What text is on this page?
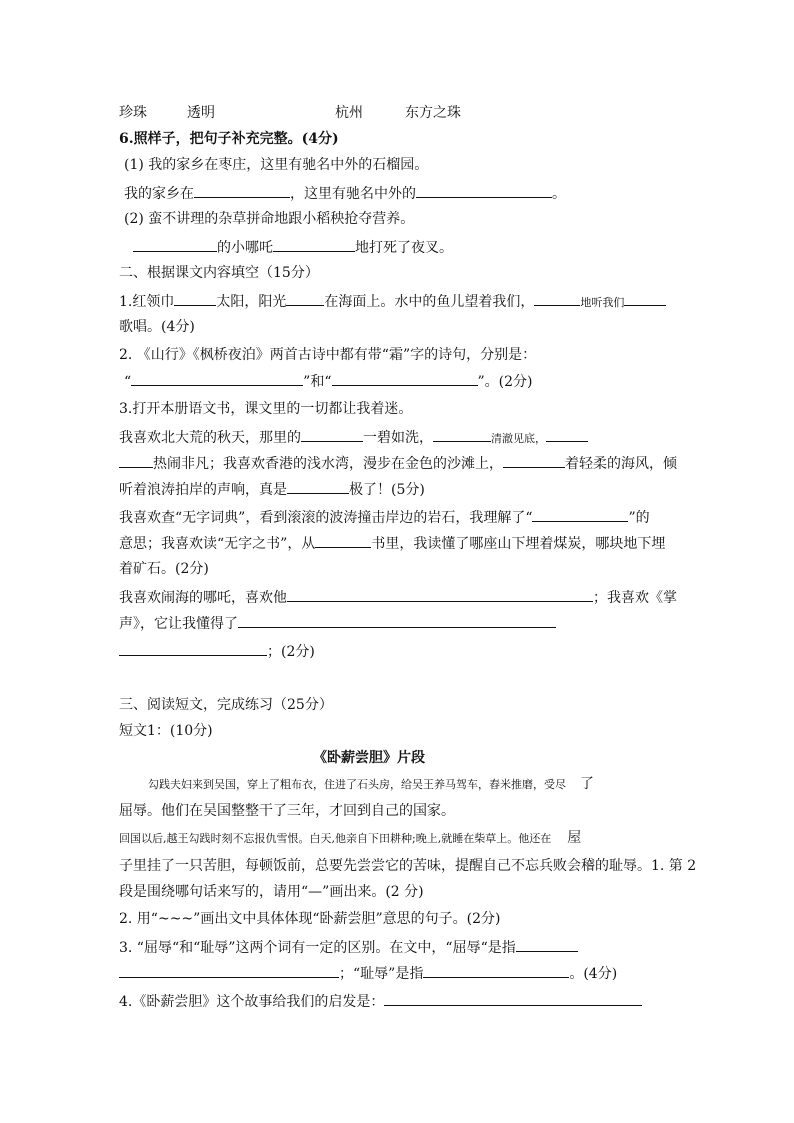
珍珠	透明	杭州	东方之珠
6.照样子，把句子补充完整。(4分)
(1) 我的家乡在枣庄，这里有驰名中外的石榴园。
我的家乡在	，这里有驰名中外的	。
(2) 蛮不讲理的杂草拼命地跟小稻秧抢夺营养。
的小哪吒	地打死了夜叉。
二、根据课文内容填空（15分）
1.红领巾	太阳，阳光	在海面上。水中的鱼儿望着我们，	地听我们
歌唱。(4分)
2. 《山行》《枫桥夜泊》两首古诗中都有带“霜”字的诗句，分别是：
“	”和“	”。(2分)
3.打开本册语文书，课文里的一切都让我着迷。
我喜欢北大荒的秋天，那里的	一碧如洗，	清澈见底，
热闹非凡；我喜欢香港的浅水湾，漫步在金色的沙滩上，	着轻柔的海风，倾
听着浪涛拍岸的声响，真是	极了！(5分)
我喜欢查“无字词典”，看到滚滚的波涛撞击岸边的岩石，我理解了“	”的
意思；我喜欢读“无字之书”，从	书里，我读懂了哪座山下埋着煤炭，哪块地下埋
着矿石。(2分)
我喜欢闹海的哪吒，喜欢他	；我喜欢《掌
声》，它让我懂得了
；(2分)
三、阅读短文，完成练习（25分）
短文1：(10分)
《卧薪尝胆》片段
勾践夫妇来到吴国，穿上了粗布衣，住进了石头房，给吴王养马驾车，舂米推磨，受尽 了
屈辱。他们在吴国整整干了三年，才回到自己的国家。
回国以后,越王勾践时刻不忘报仇雪恨。白天,他亲自下田耕种;晚上,就睡在柴草上。他还在 屋
子里挂了一只苦胆，每顿饭前，总要先尝尝它的苦味，提醒自己不忘兵败会稽的耻辱。1. 第 2
段是围绕哪句话来写的，请用“—”画出来。(2 分)
2. 用“~~~”画出文中具体体现“卧薪尝胆”意思的句子。(2分)
3. “屈辱“和“耻辱”这两个词有一定的区别。在文中，“屈辱“是指
；“耻辱”是指	。(4分)
4.《卧薪尝胆》这个故事给我们的启发是：
